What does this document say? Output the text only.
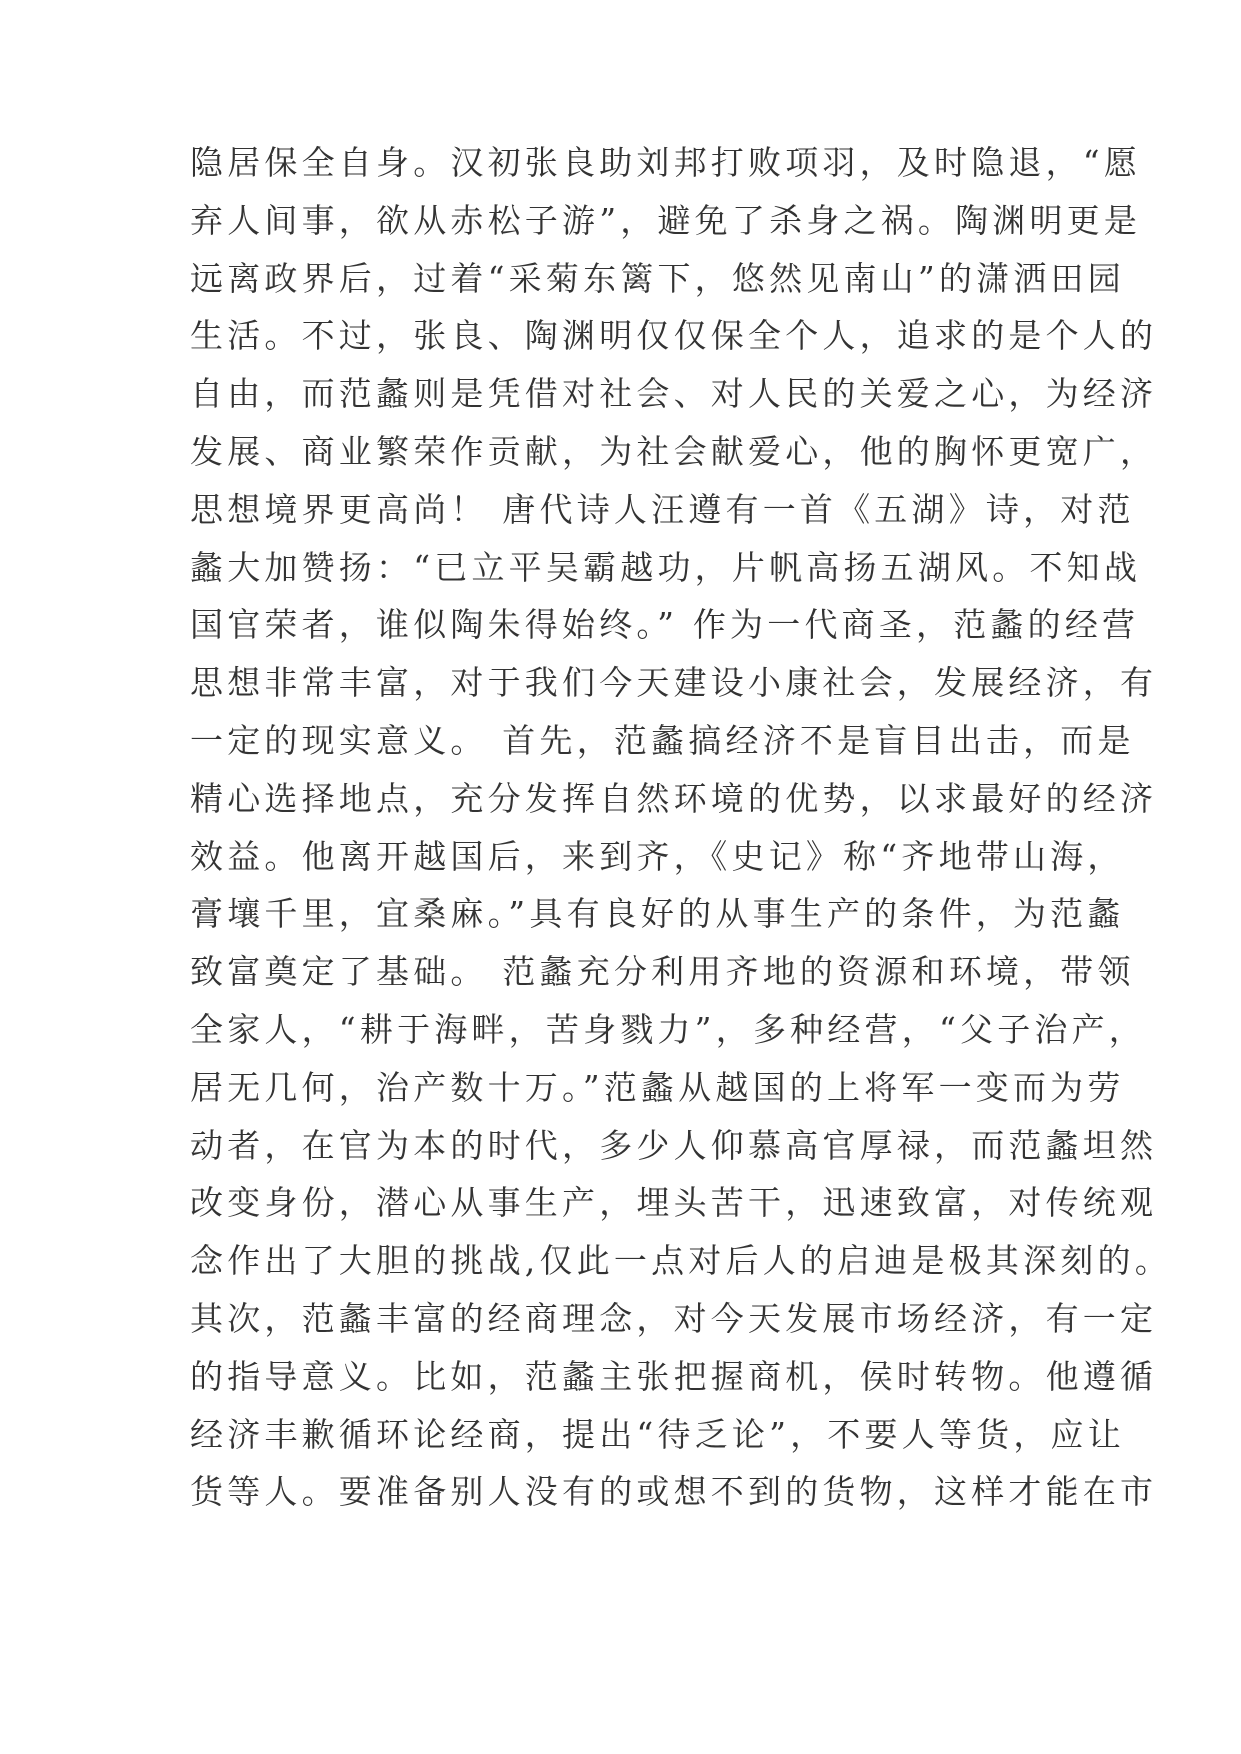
隐居保全自身。汉初张良助刘邦打败项羽，及时隐退，“愿
弃人间事，欲从赤松子游”，避免了杀身之祸。陶渊明更是
远离政界后，过着“采菊东篱下，悠然见南山”的潇洒田园
生活。不过，张良、陶渊明仅仅保全个人，追求的是个人的
自由，而范蠡则是凭借对社会、对人民的关爱之心，为经济
发展、商业繁荣作贡献，为社会献爱心，他的胸怀更宽广，
思想境界更高尚！ 唐代诗人汪遵有一首《五湖》诗，对范
蠡大加赞扬：“已立平吴霸越功，片帆高扬五湖风。不知战
国官荣者，谁似陶朱得始终。” 作为一代商圣，范蠡的经营
思想非常丰富，对于我们今天建设小康社会，发展经济，有
一定的现实意义。 首先，范蠡搞经济不是盲目出击，而是
精心选择地点，充分发挥自然环境的优势，以求最好的经济
效益。他离开越国后，来到齐，《史记》称“齐地带山海，
膏壤千里，宜桑麻。”具有良好的从事生产的条件，为范蠡
致富奠定了基础。 范蠡充分利用齐地的资源和环境，带领
全家人，“耕于海畔，苦身戮力”，多种经营，“父子治产，
居无几何，治产数十万。”范蠡从越国的上将军一变而为劳
动者，在官为本的时代，多少人仰慕高官厚禄，而范蠡坦然
改变身份，潜心从事生产，埋头苦干，迅速致富，对传统观
念作出了大胆的挑战,仅此一点对后人的启迪是极其深刻的。
其次，范蠡丰富的经商理念，对今天发展市场经济，有一定
的指导意义。比如，范蠡主张把握商机，侯时转物。他遵循
经济丰歉循环论经商，提出“待乏论”，不要人等货，应让
货等人。要准备别人没有的或想不到的货物，这样才能在市
